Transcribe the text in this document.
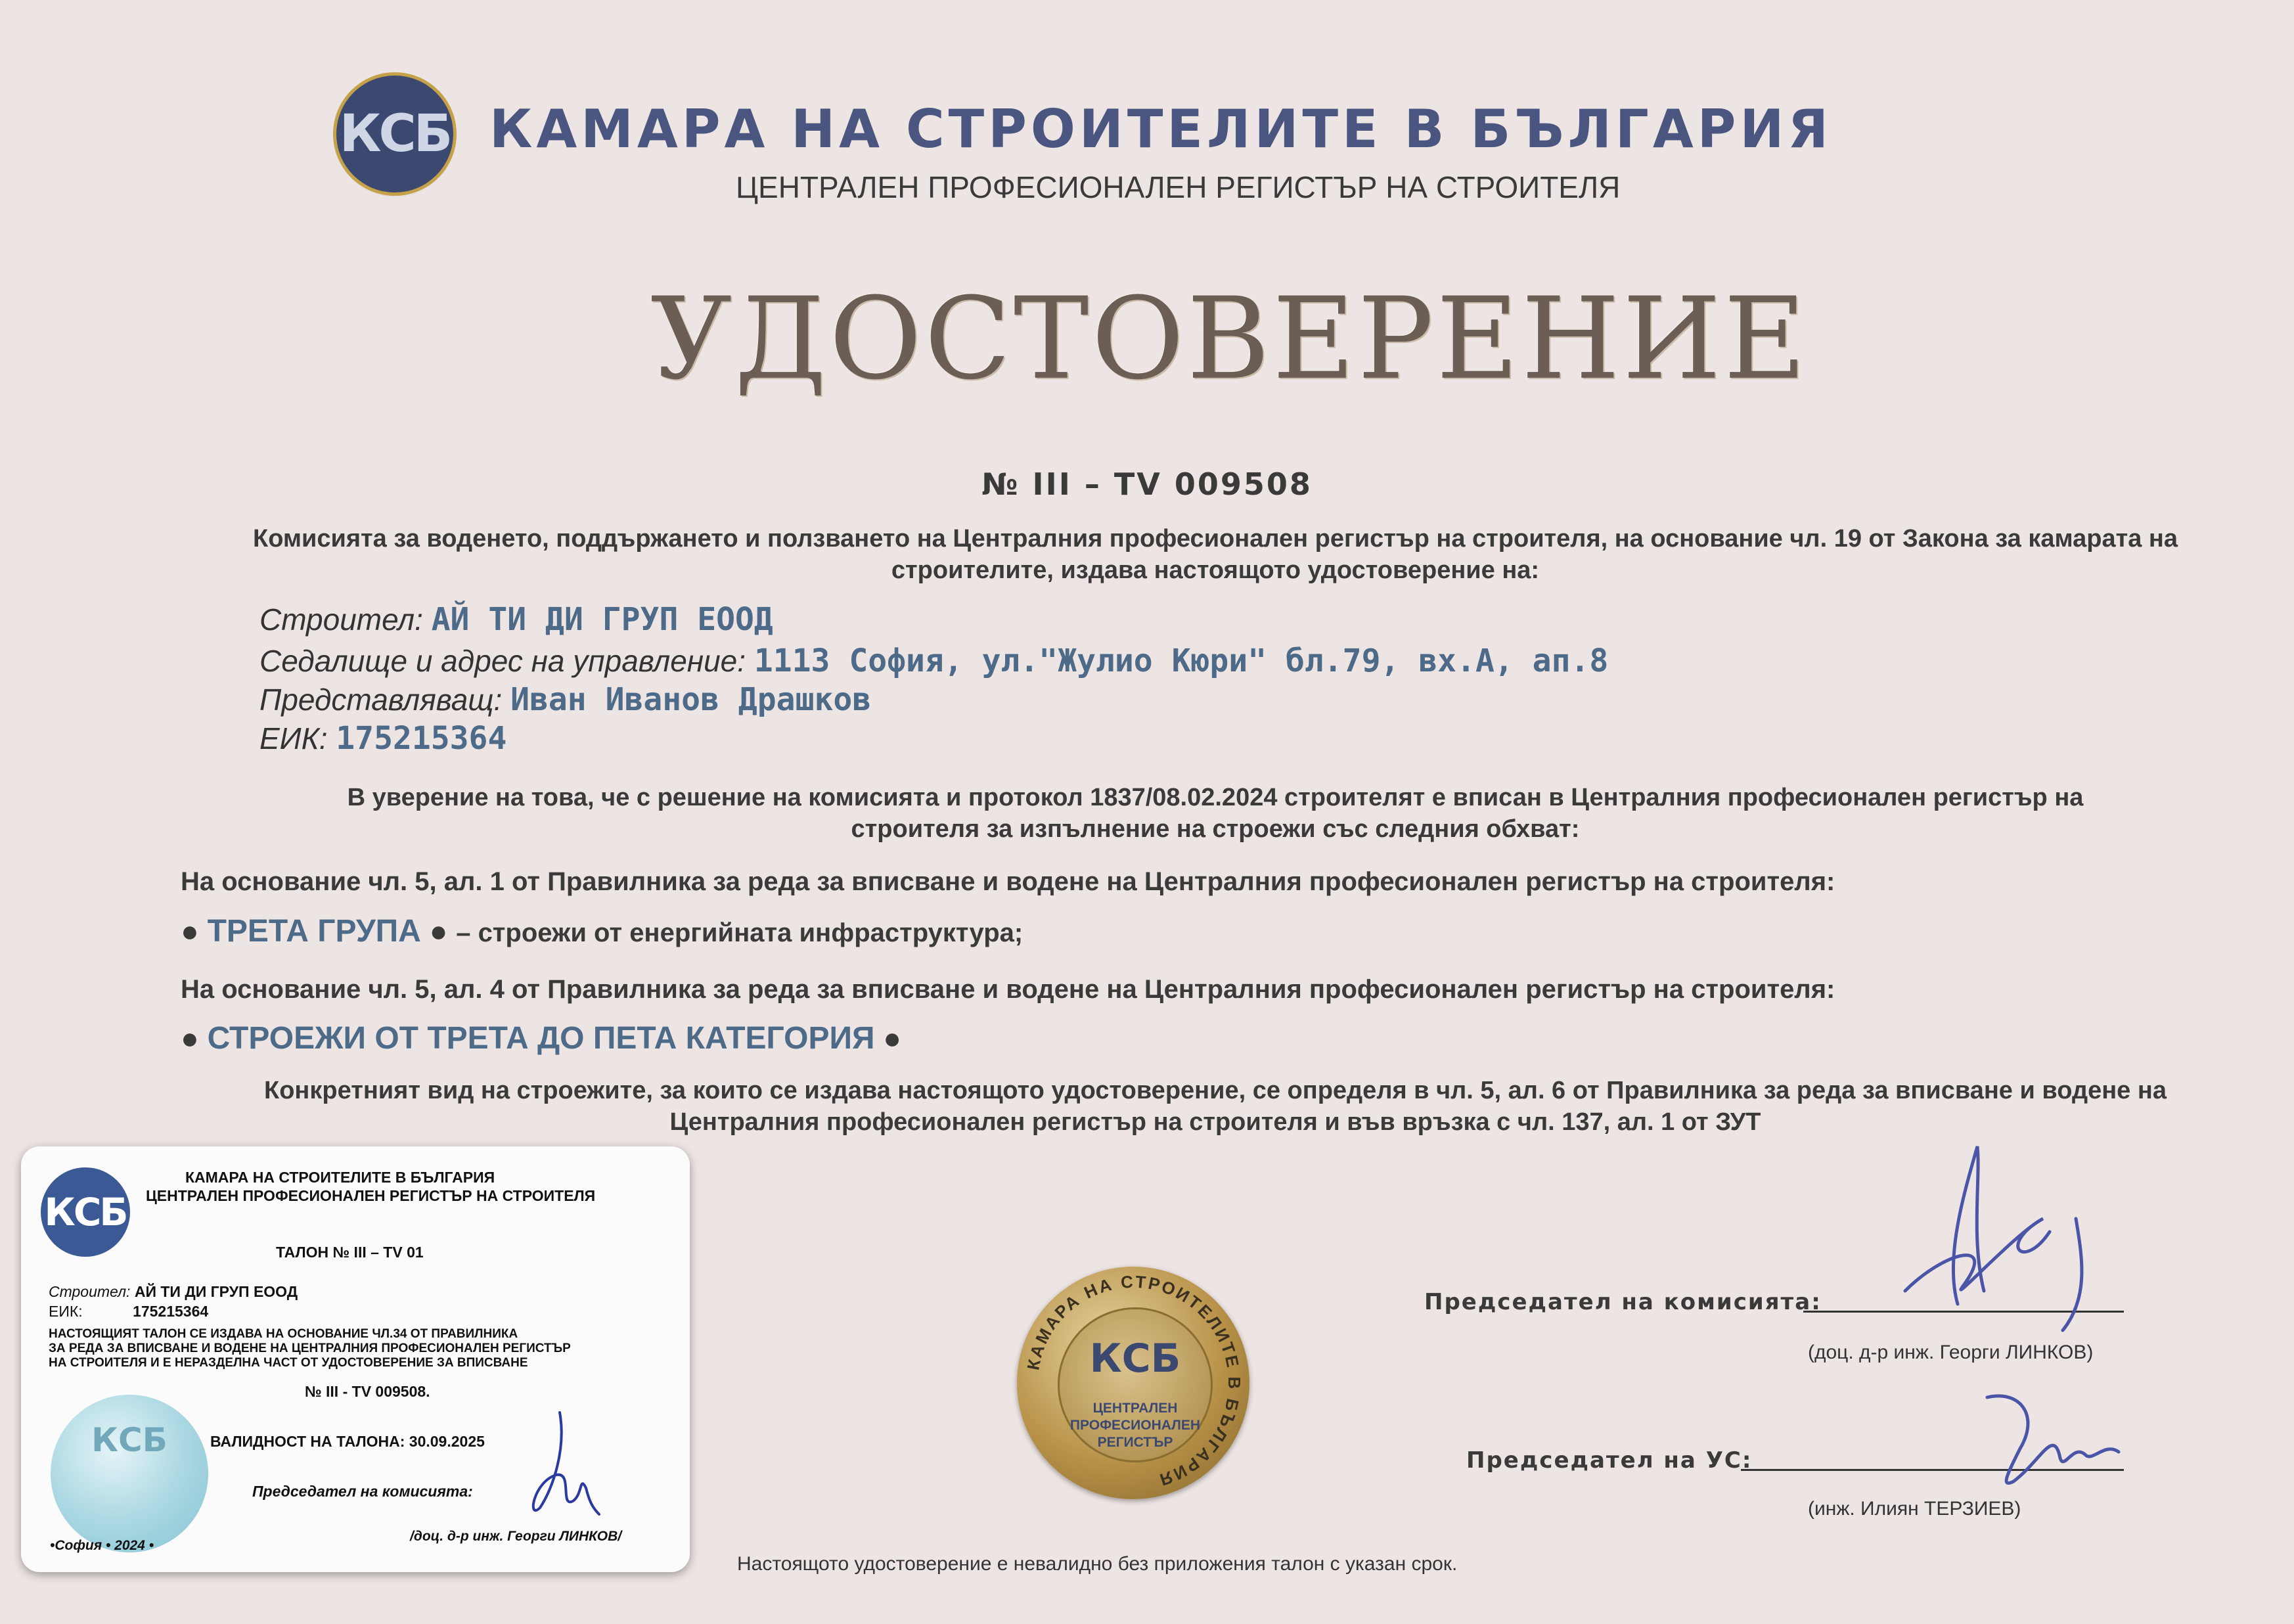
КСБ КАМАРА НА СТРОИТЕЛИТЕ В БЪЛГАРИЯ
ЦЕНТРАЛЕН ПРОФЕСИОНАЛЕН РЕГИСТЪР НА СТРОИТЕЛЯ
УДОСТОВЕРЕНИЕ
№ III – TV 009508
Комисията за воденето, поддържането и ползването на Централния професионален регистър на строителя, на основание чл. 19 от Закона за камарата на
строителите, издава настоящото удостоверение на:
Строител: АЙ ТИ ДИ ГРУП ЕООД
Седалище и адрес на управление: 1113 София, ул."Жулио Кюри" бл.79, вх.А, ап.8
Представляващ: Иван Иванов Драшков
ЕИК: 175215364
В уверение на това, че с решение на комисията и протокол 1837/08.02.2024 строителят е вписан в Централния професионален регистър на
строителя за изпълнение на строежи със следния обхват:
На основание чл. 5, ал. 1 от Правилника за реда за вписване и водене на Централния професионален регистър на строителя:
● ТРЕТА ГРУПА ● – строежи от енергийната инфраструктура;
На основание чл. 5, ал. 4 от Правилника за реда за вписване и водене на Централния професионален регистър на строителя:
● СТРОЕЖИ ОТ ТРЕТА ДО ПЕТА КАТЕГОРИЯ ●
Конкретният вид на строежите, за които се издава настоящото удостоверение, се определя в чл. 5, ал. 6 от Правилника за реда за вписване и водене на
Централния професионален регистър на строителя и във връзка с чл. 137, ал. 1 от ЗУТ
КАМАРА НА СТРОИТЕЛИТЕ В БЪЛГАРИЯ
КСБ
ЦЕНТРАЛЕН
ПРОФЕСИОНАЛЕН
РЕГИСТЪР
Председател на комисията:
(доц. д-р инж. Георги ЛИНКОВ)
Председател на УС:
(инж. Илиян ТЕРЗИЕВ)
Настоящото удостоверение е невалидно без приложения талон с указан срок.
КСБ
КАМАРА НА СТРОИТЕЛИТЕ В БЪЛГАРИЯ
ЦЕНТРАЛЕН ПРОФЕСИОНАЛЕН РЕГИСТЪР НА СТРОИТЕЛЯ
ТАЛОН № III – TV 01
Строител: АЙ ТИ ДИ ГРУП ЕООД
ЕИК:	175215364
НАСТОЯЩИЯТ ТАЛОН СЕ ИЗДАВА НА ОСНОВАНИЕ ЧЛ.34 ОТ ПРАВИЛНИКА
ЗА РЕДА ЗА ВПИСВАНЕ И ВОДЕНЕ НА ЦЕНТРАЛНИЯ ПРОФЕСИОНАЛЕН РЕГИСТЪР
НА СТРОИТЕЛЯ И Е НЕРАЗДЕЛНА ЧАСТ ОТ УДОСТОВЕРЕНИЕ ЗА ВПИСВАНЕ
№ III - TV 009508.
КСБ	ВАЛИДНОСТ НА ТАЛОНА: 30.09.2025
Председател на комисията:
•София • 2024 •
/доц. д-р инж. Георги ЛИНКОВ/
